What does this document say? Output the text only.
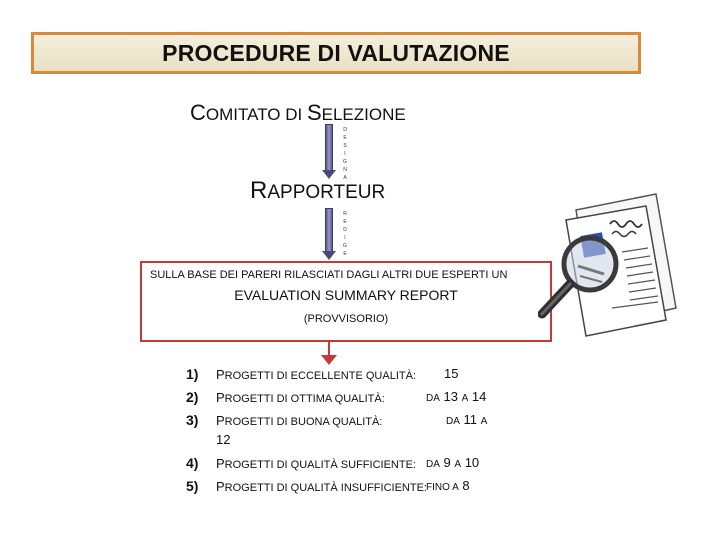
PROCEDURE DI VALUTAZIONE
COMITATO DI SELEZIONE
D
E
S
I
G
N
A
RAPPORTEUR
R
E
D
I
G
E
SULLA BASE DEI PARERI RILASCIATI DAGLI ALTRI DUE ESPERTI UN
EVALUATION SUMMARY REPORT
(PROVVISORIO)
1) PROGETTI DI ECCELLENTE QUALITÀ: 15
2) PROGETTI DI OTTIMA QUALITÀ:	DA 13 A 14
3) PROGETTI DI BUONA QUALITÀ:	DA 11 A
12
4) PROGETTI DI QUALITÀ SUFFICIENTE: DA 9 A 10
5) PROGETTI DI QUALITÀ INSUFFICIENTE: FINO A 8
